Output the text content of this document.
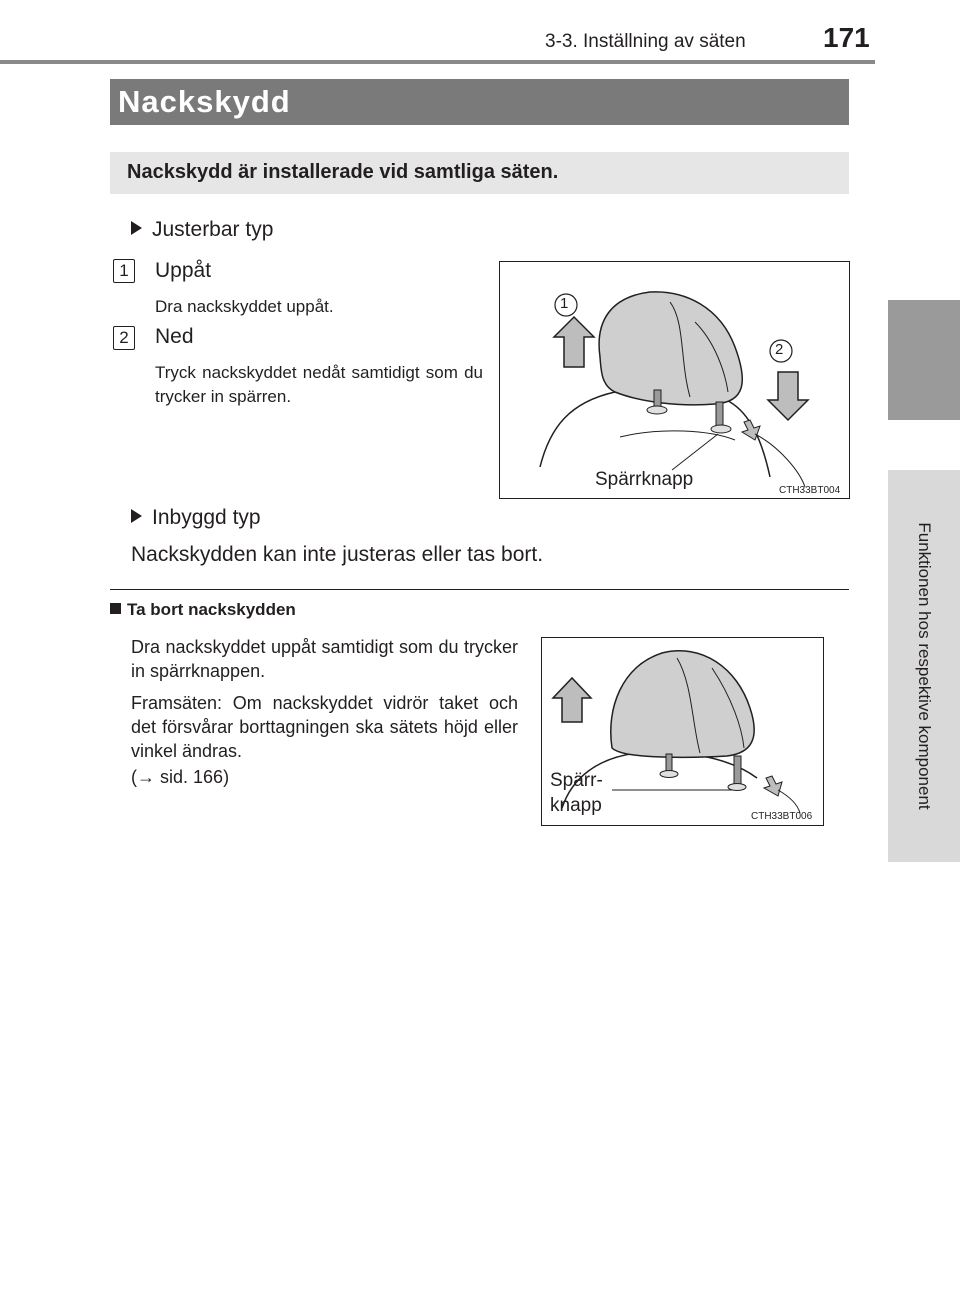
3-3. Inställning av säten	171
3
Funktionen hos respektive komponent
Nackskydd
Nackskydd är installerade vid samtliga säten.
Justerbar typ
1 Uppåt
Dra nackskyddet uppåt.
2 Ned
Tryck nackskyddet nedåt samtidigt som du trycker in spärren.
1
2
Spärrknapp
CTH33BT004
Inbyggd typ
Nackskydden kan inte justeras eller tas bort.
Ta bort nackskydden
Dra nackskyddet uppåt samtidigt som du trycker in spärrknappen.
Framsäten: Om nackskyddet vidrör taket och det försvårar borttagningen ska sätets höjd eller vinkel ändras.
(→ sid. 166)	Spärr-
knapp
CTH33BT006
